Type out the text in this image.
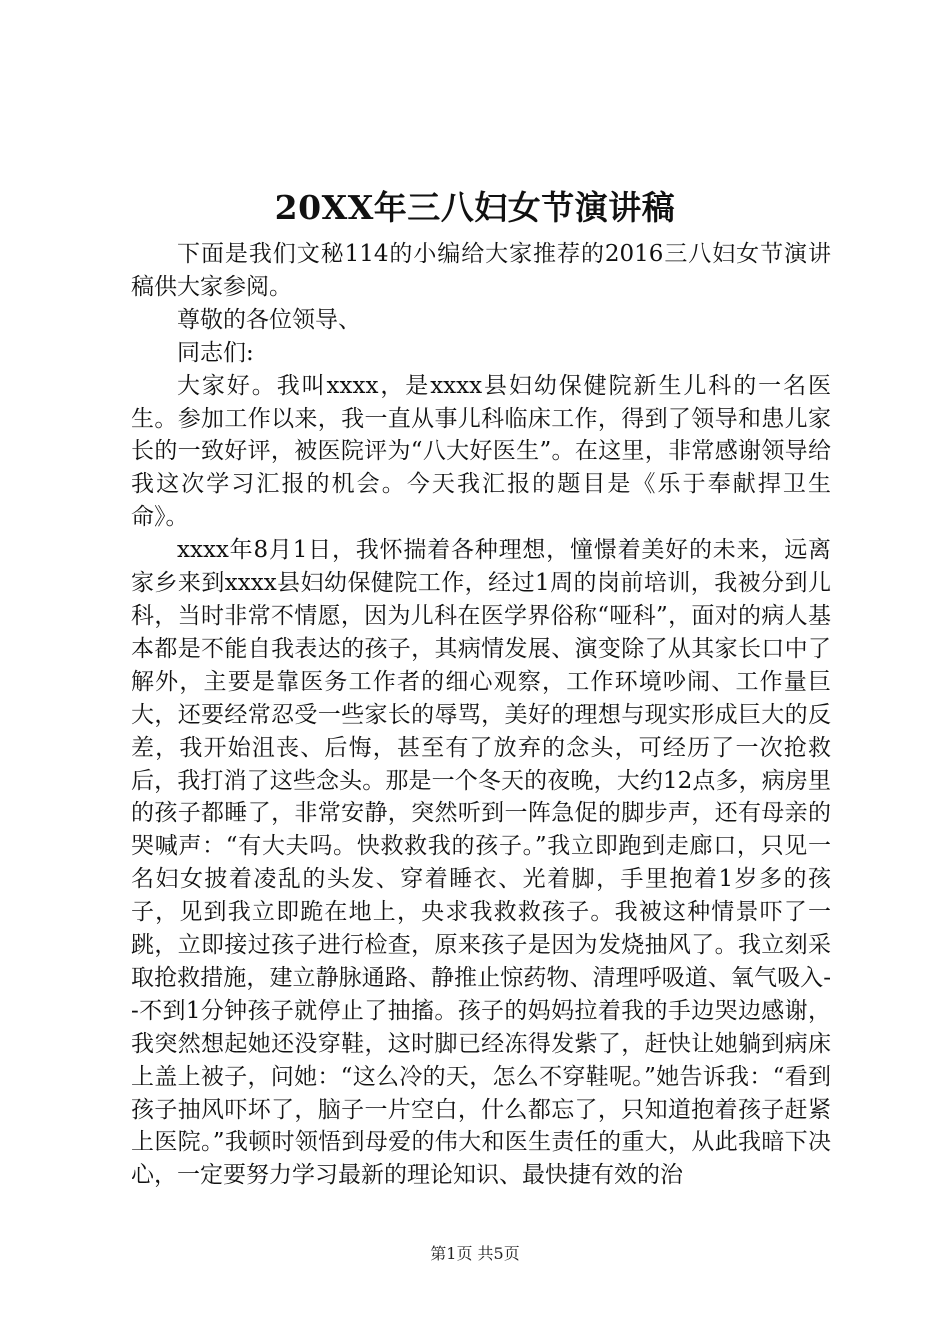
20XX年三八妇女节演讲稿

下面是我们文秘114的小编给大家推荐的2016三八妇女节演讲稿供大家参阅。

尊敬的各位领导、

同志们:

大家好。我叫xxxx，是xxxx县妇幼保健院新生儿科的一名医生。参加工作以来，我一直从事儿科临床工作，得到了领导和患儿家长的一致好评，被医院评为“八大好医生”。在这里，非常感谢领导给我这次学习汇报的机会。今天我汇报的题目是《乐于奉献捍卫生命》。

xxxx年8月1日，我怀揣着各种理想，憧憬着美好的未来，远离家乡来到xxxx县妇幼保健院工作，经过1周的岗前培训，我被分到儿科，当时非常不情愿，因为儿科在医学界俗称“哑科”，面对的病人基本都是不能自我表达的孩子，其病情发展、演变除了从其家长口中了解外，主要是靠医务工作者的细心观察，工作环境吵闹、工作量巨大，还要经常忍受一些家长的辱骂，美好的理想与现实形成巨大的反差，我开始沮丧、后悔，甚至有了放弃的念头，可经历了一次抢救后，我打消了这些念头。那是一个冬天的夜晚，大约12点多，病房里的孩子都睡了，非常安静，突然听到一阵急促的脚步声，还有母亲的哭喊声：“有大夫吗。快救救我的孩子。”我立即跑到走廊口，只见一名妇女披着凌乱的头发、穿着睡衣、光着脚，手里抱着1岁多的孩子，见到我立即跪在地上，央求我救救孩子。我被这种情景吓了一跳，立即接过孩子进行检查，原来孩子是因为发烧抽风了。我立刻采取抢救措施，建立静脉通路、静推止惊药物、清理呼吸道、氧气吸入--不到1分钟孩子就停止了抽搐。孩子的妈妈拉着我的手边哭边感谢，我突然想起她还没穿鞋，这时脚已经冻得发紫了，赶快让她躺到病床上盖上被子，问她：“这么冷的天，怎么不穿鞋呢。”她告诉我：“看到孩子抽风吓坏了，脑子一片空白，什么都忘了，只知道抱着孩子赶紧上医院。”我顿时领悟到母爱的伟大和医生责任的重大，从此我暗下决心，一定要努力学习最新的理论知识、最快捷有效的治

第1页 共5页
